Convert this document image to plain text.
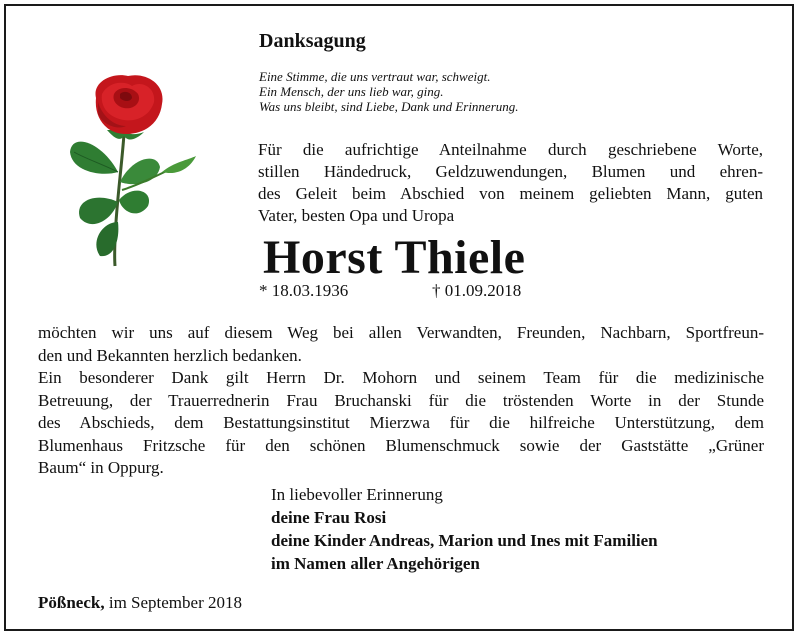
Danksagung
Eine Stimme, die uns vertraut war, schweigt.
Ein Mensch, der uns lieb war, ging.
Was uns bleibt, sind Liebe, Dank und Erinnerung.
Für die aufrichtige Anteilnahme durch geschriebene Worte,
stillen Händedruck, Geldzuwendungen, Blumen und ehren-
des Geleit beim Abschied von meinem geliebten Mann, guten
Vater, besten Opa und Uropa
Horst Thiele
* 18.03.1936	† 01.09.2018
möchten wir uns auf diesem Weg bei allen Verwandten, Freunden, Nachbarn, Sportfreun-
den und Bekannten herzlich bedanken.
Ein besonderer Dank gilt Herrn Dr. Mohorn und seinem Team für die medizinische
Betreuung, der Trauerrednerin Frau Bruchanski für die tröstenden Worte in der Stunde
des Abschieds, dem Bestattungsinstitut Mierzwa für die hilfreiche Unterstützung, dem
Blumenhaus Fritzsche für den schönen Blumenschmuck sowie der Gaststätte „Grüner
Baum“ in Oppurg.
In liebevoller Erinnerung
deine Frau Rosi
deine Kinder Andreas, Marion und Ines mit Familien
im Namen aller Angehörigen
Pößneck, im September 2018
